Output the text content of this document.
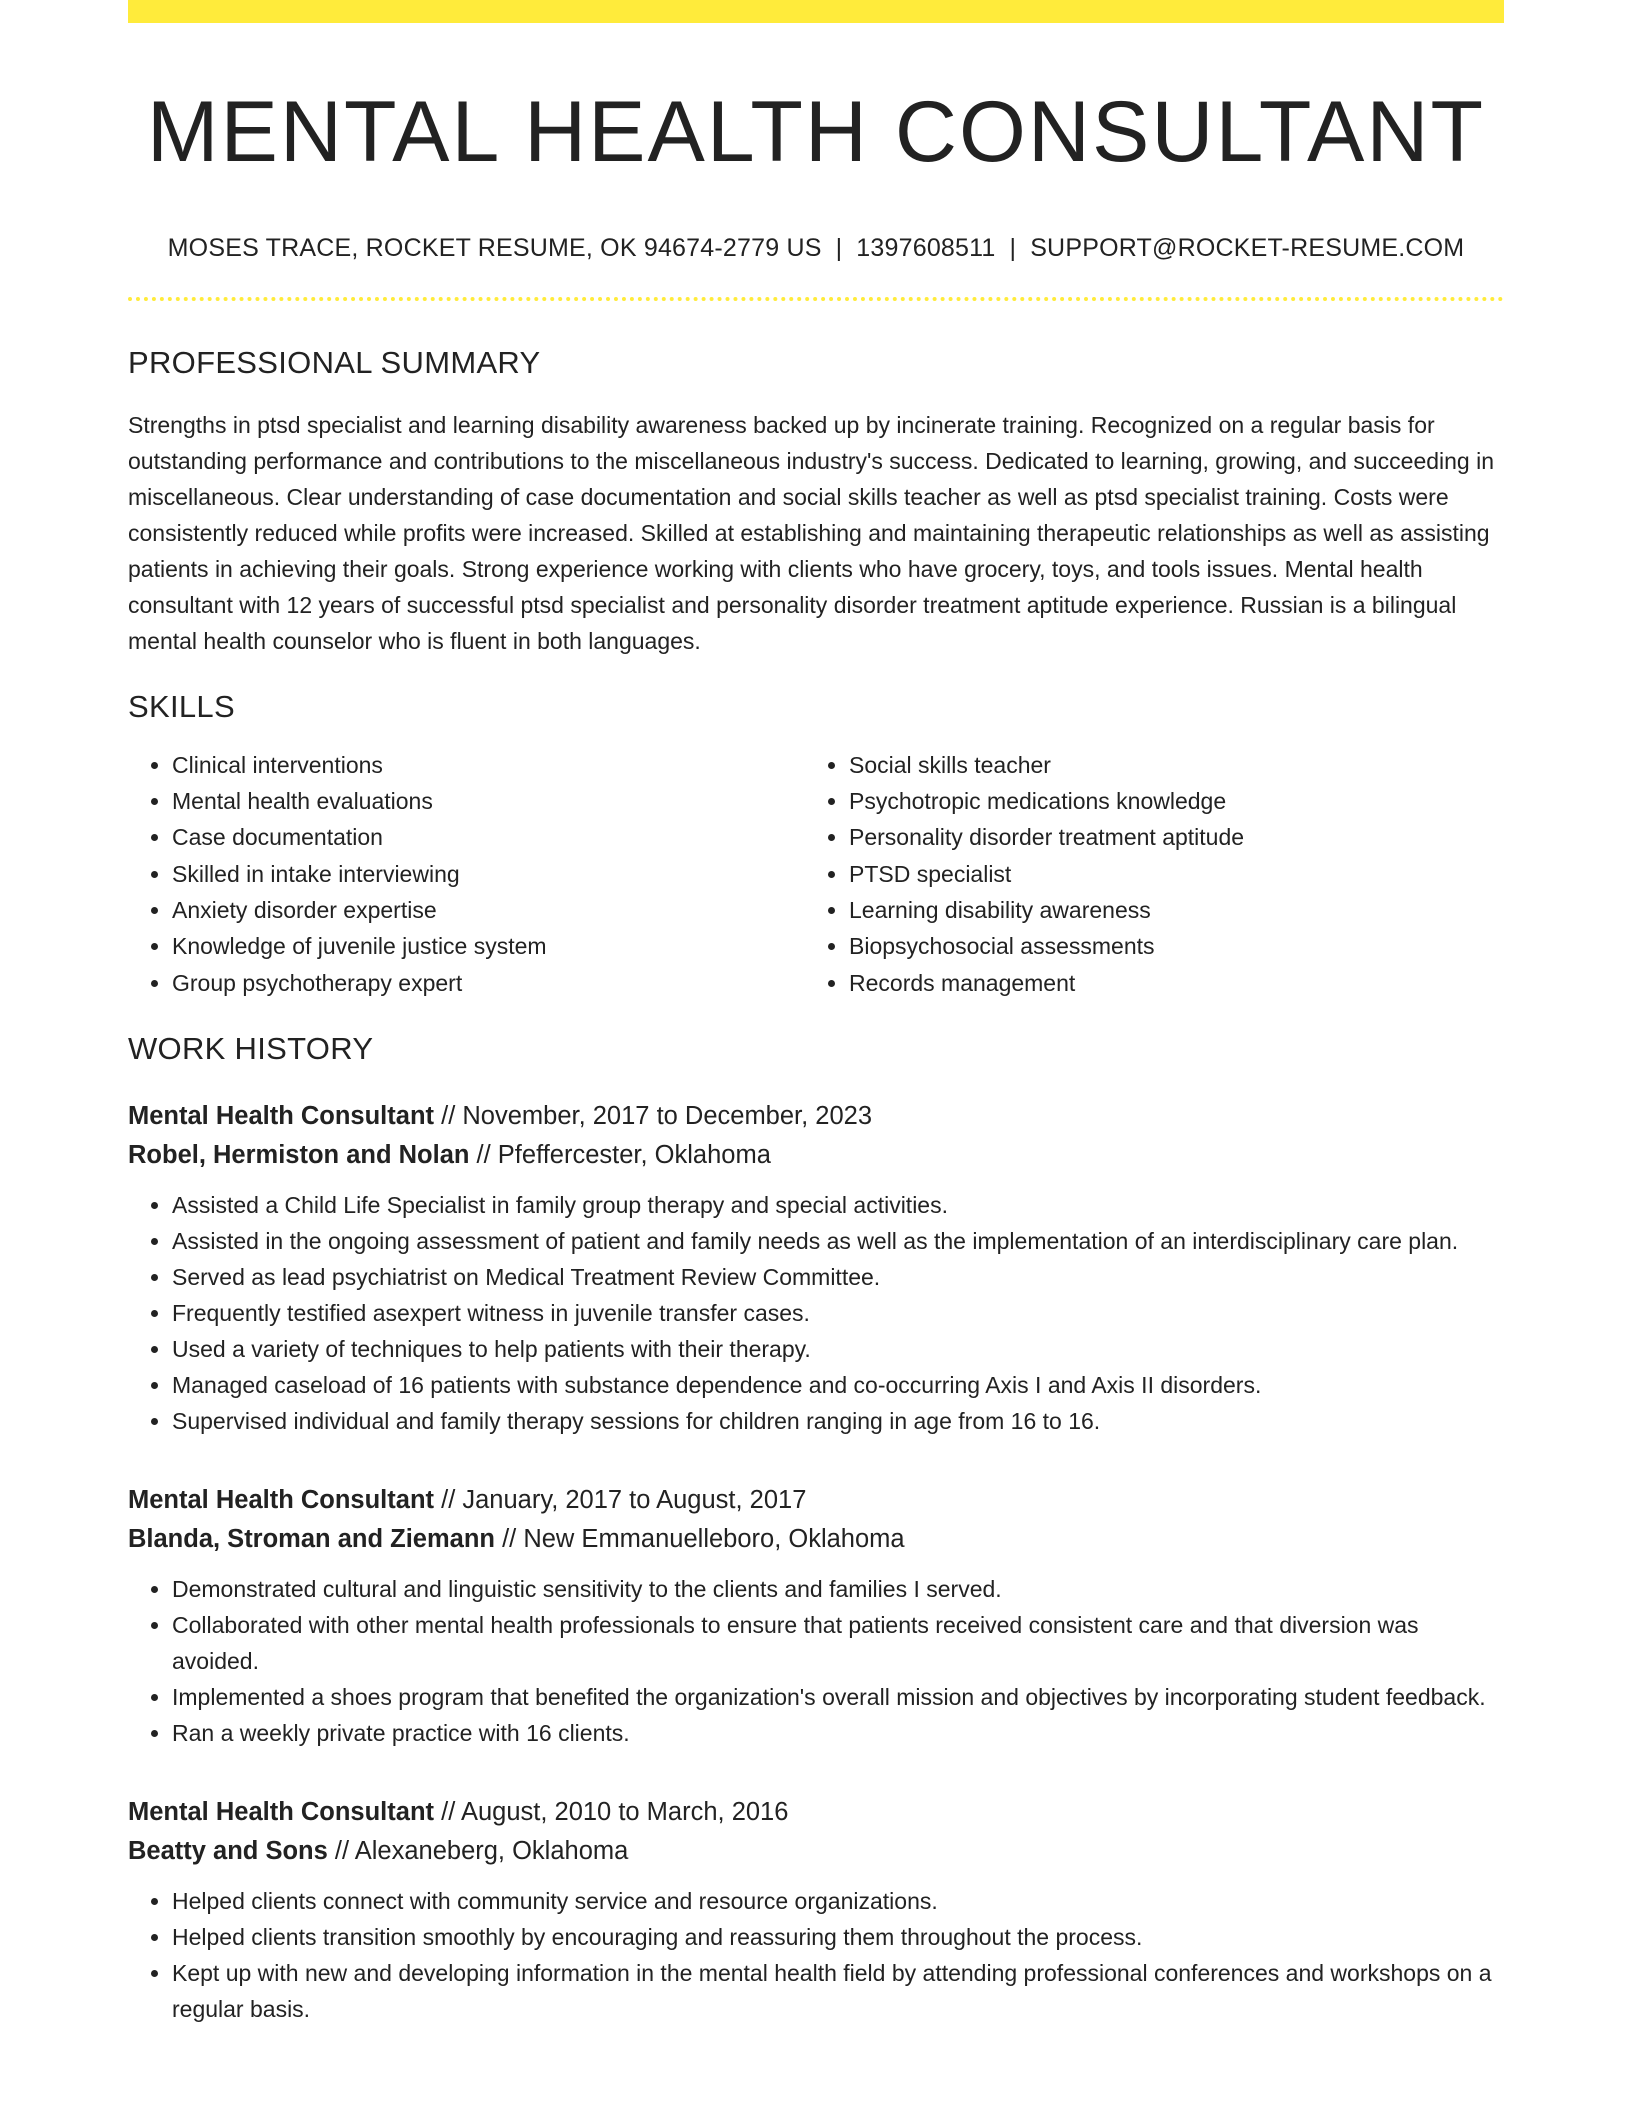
MENTAL HEALTH CONSULTANT
MOSES TRACE, ROCKET RESUME, OK 94674-2779 US | 1397608511 | SUPPORT@ROCKET-RESUME.COM
PROFESSIONAL SUMMARY

Strengths in ptsd specialist and learning disability awareness backed up by incinerate training. Recognized on a regular basis for outstanding performance and contributions to the miscellaneous industry's success. Dedicated to learning, growing, and succeeding in miscellaneous. Clear understanding of case documentation and social skills teacher as well as ptsd specialist training. Costs were consistently reduced while profits were increased. Skilled at establishing and maintaining therapeutic relationships as well as assisting patients in achieving their goals. Strong experience working with clients who have grocery, toys, and tools issues. Mental health consultant with 12 years of successful ptsd specialist and personality disorder treatment aptitude experience. Russian is a bilingual mental health counselor who is fluent in both languages.

SKILLS
• Clinical interventions
• Mental health evaluations
• Case documentation
• Skilled in intake interviewing
• Anxiety disorder expertise
• Knowledge of juvenile justice system
• Group psychotherapy expert
• Social skills teacher
• Psychotropic medications knowledge
• Personality disorder treatment aptitude
• PTSD specialist
• Learning disability awareness
• Biopsychosocial assessments
• Records management
WORK HISTORY
Mental Health Consultant // November, 2017 to December, 2023
Robel, Hermiston and Nolan // Pfeffercester, Oklahoma
• Assisted a Child Life Specialist in family group therapy and special activities.
• Assisted in the ongoing assessment of patient and family needs as well as the implementation of an interdisciplinary care plan.
• Served as lead psychiatrist on Medical Treatment Review Committee.
• Frequently testified asexpert witness in juvenile transfer cases.
• Used a variety of techniques to help patients with their therapy.
• Managed caseload of 16 patients with substance dependence and co-occurring Axis I and Axis II disorders.
• Supervised individual and family therapy sessions for children ranging in age from 16 to 16.
Mental Health Consultant // January, 2017 to August, 2017
Blanda, Stroman and Ziemann // New Emmanuelleboro, Oklahoma
• Demonstrated cultural and linguistic sensitivity to the clients and families I served.
• Collaborated with other mental health professionals to ensure that patients received consistent care and that diversion was avoided.
• Implemented a shoes program that benefited the organization's overall mission and objectives by incorporating student feedback.
• Ran a weekly private practice with 16 clients.
Mental Health Consultant // August, 2010 to March, 2016
Beatty and Sons // Alexaneberg, Oklahoma
• Helped clients connect with community service and resource organizations.
• Helped clients transition smoothly by encouraging and reassuring them throughout the process.
• Kept up with new and developing information in the mental health field by attending professional conferences and workshops on a regular basis.
